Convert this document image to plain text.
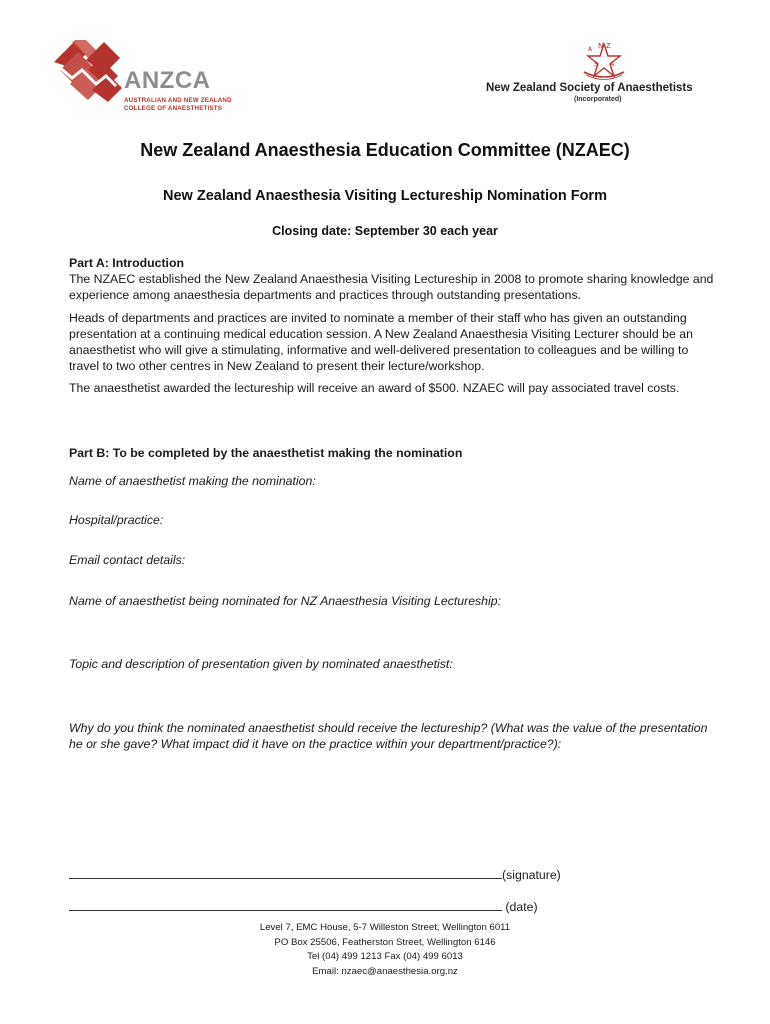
ANZCA
AUSTRALIAN AND NEW ZEALAND
COLLEGE OF ANAESTHETISTS
N Z
S A
A
New Zealand Society of Anaesthetists
(Incorporated)
New Zealand Anaesthesia Education Committee (NZAEC)
New Zealand Anaesthesia Visiting Lectureship Nomination Form
Closing date: September 30 each year
Part A: Introduction
The NZAEC established the New Zealand Anaesthesia Visiting Lectureship in 2008 to promote sharing knowledge and experience among anaesthesia departments and practices through outstanding presentations.
Heads of departments and practices are invited to nominate a member of their staff who has given an outstanding presentation at a continuing medical education session. A New Zealand Anaesthesia Visiting Lecturer should be an anaesthetist who will give a stimulating, informative and well-delivered presentation to colleagues and be willing to travel to two other centres in New Zealand to present their lecture/workshop.
The anaesthetist awarded the lectureship will receive an award of $500. NZAEC will pay associated travel costs.
Part B: To be completed by the anaesthetist making the nomination
Name of anaesthetist making the nomination:
Hospital/practice:
Email contact details:
Name of anaesthetist being nominated for NZ Anaesthesia Visiting Lectureship:
Topic and description of presentation given by nominated anaesthetist:
Why do you think the nominated anaesthetist should receive the lectureship? (What was the value of the presentation he or she gave? What impact did it have on the practice within your department/practice?):
(signature)
(date)
Level 7, EMC House, 5-7 Willeston Street, Wellington 6011
PO Box 25506, Featherston Street, Wellington 6146
Tel (04) 499 1213 Fax (04) 499 6013
Email: nzaec@anaesthesia.org.nz
